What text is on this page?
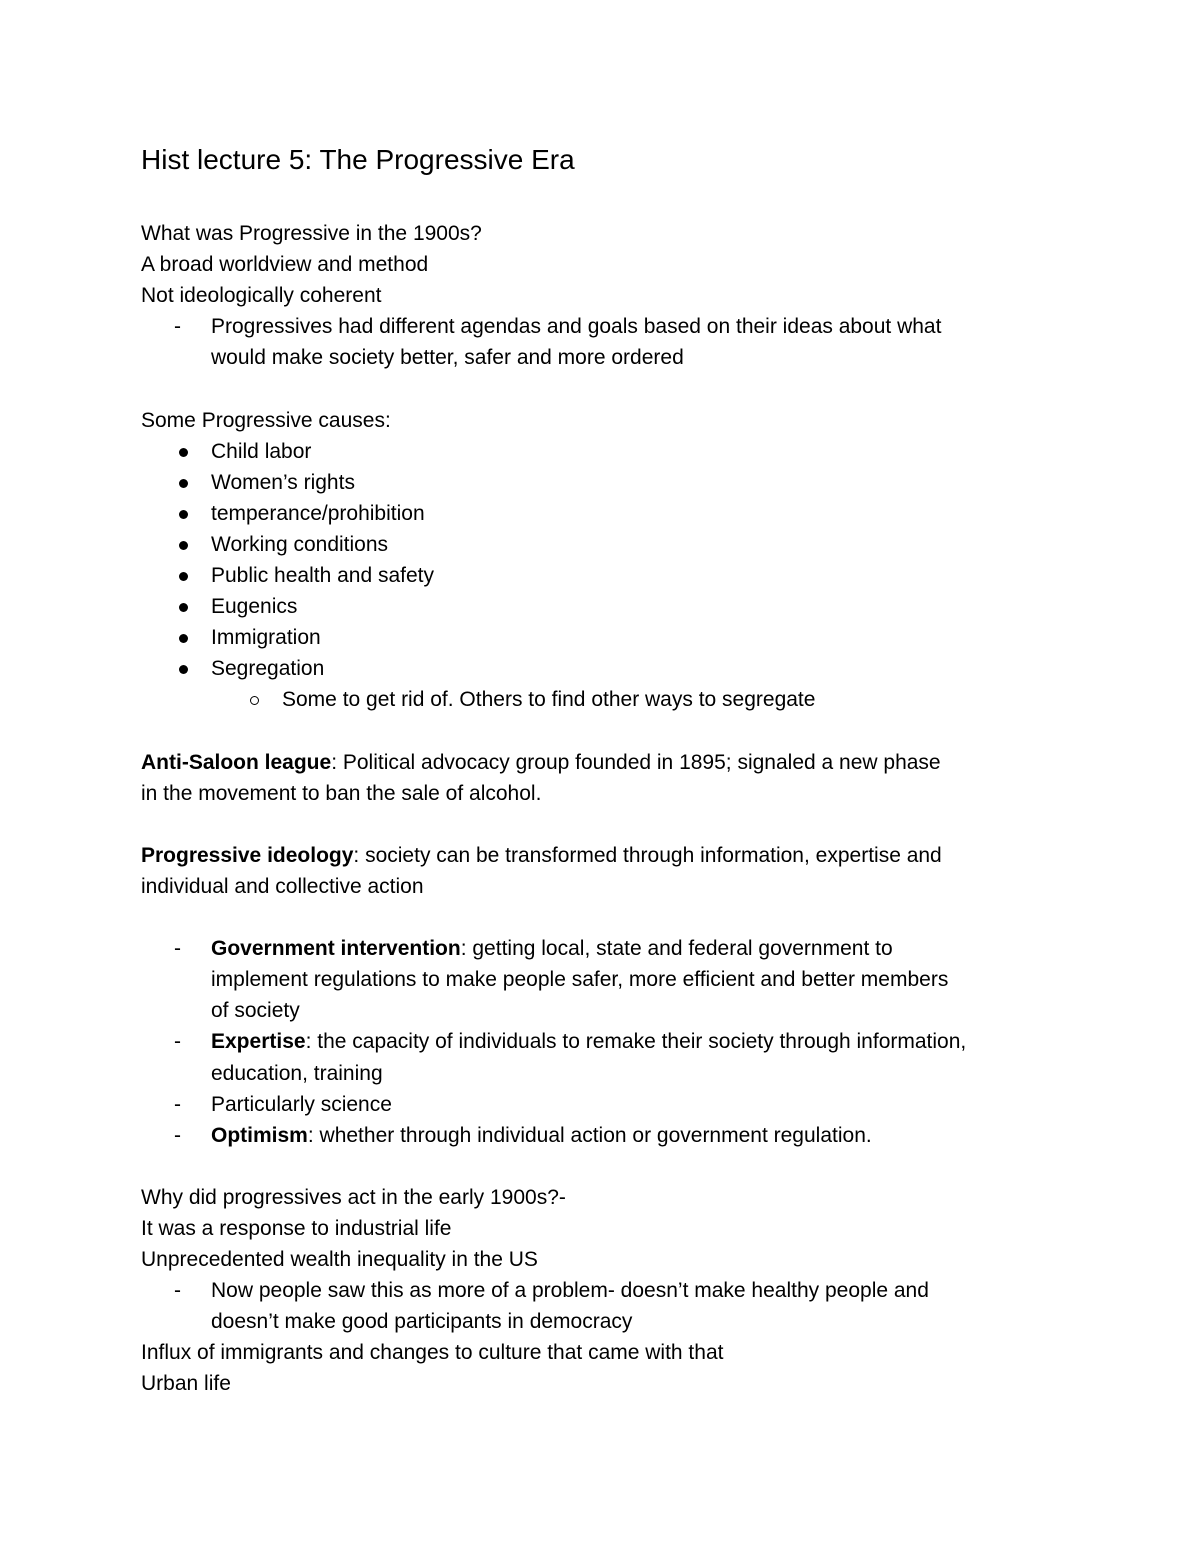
Hist lecture 5: The Progressive Era
What was Progressive in the 1900s?
A broad worldview and method
Not ideologically coherent
- Progressives had different agendas and goals based on their ideas about what
would make society better, safer and more ordered
Some Progressive causes:
Child labor
Women’s rights
temperance/prohibition
Working conditions
Public health and safety
Eugenics
Immigration
Segregation
Some to get rid of. Others to find other ways to segregate
Anti-Saloon league: Political advocacy group founded in 1895; signaled a new phase
in the movement to ban the sale of alcohol.
Progressive ideology: society can be transformed through information, expertise and
individual and collective action
- Government intervention: getting local, state and federal government to
implement regulations to make people safer, more efficient and better members
of society
- Expertise: the capacity of individuals to remake their society through information,
education, training
- Particularly science
- Optimism: whether through individual action or government regulation.
Why did progressives act in the early 1900s?-
It was a response to industrial life
Unprecedented wealth inequality in the US
- Now people saw this as more of a problem- doesn’t make healthy people and
doesn’t make good participants in democracy
Influx of immigrants and changes to culture that came with that
Urban life
